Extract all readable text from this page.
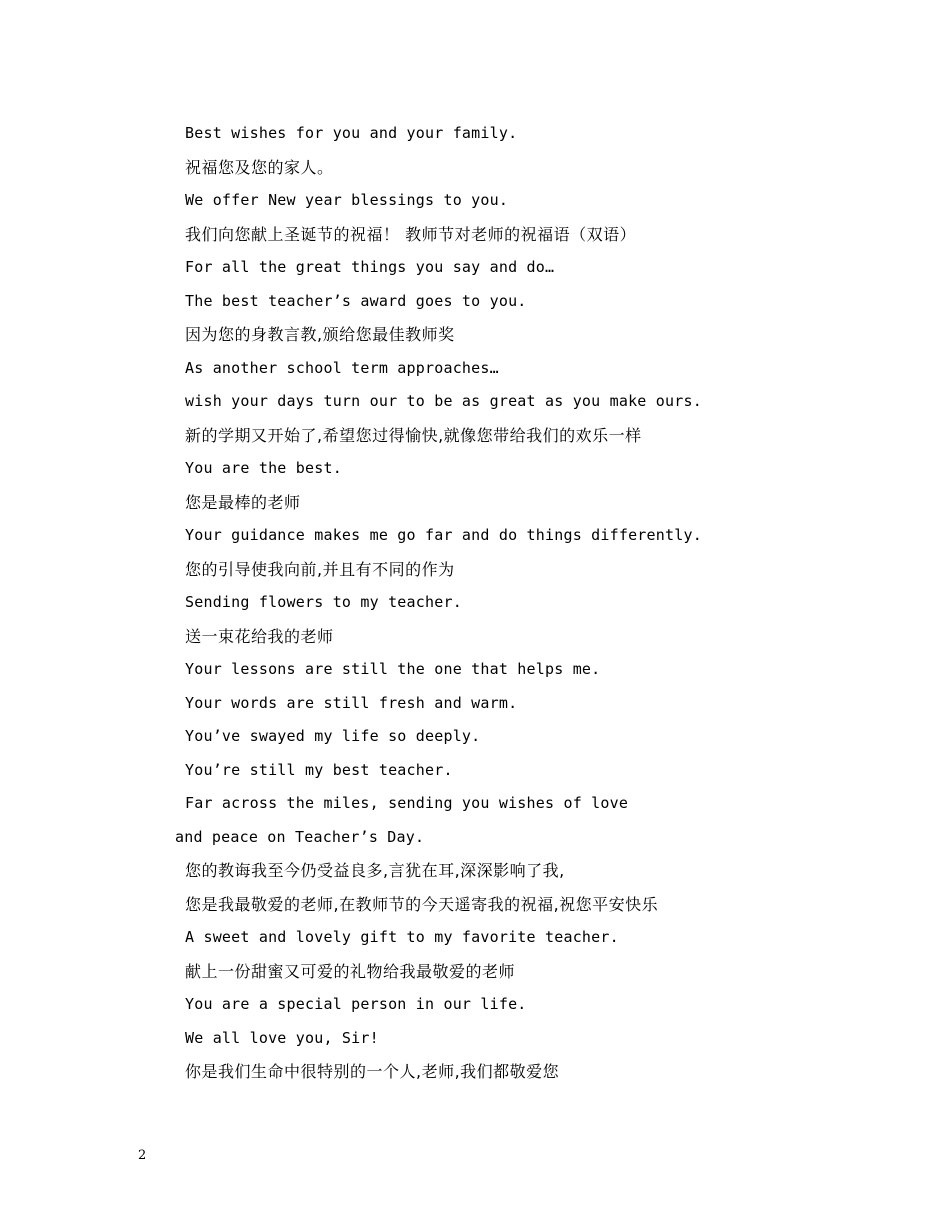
Best wishes for you and your family.
祝福您及您的家人。
We offer New year blessings to you.
我们向您献上圣诞节的祝福！ 教师节对老师的祝福语（双语）
For all the great things you say and do…
The best teacher’s award goes to you.
因为您的身教言教,颁给您最佳教师奖
As another school term approaches…
wish your days turn our to be as great as you make ours.
新的学期又开始了,希望您过得愉快,就像您带给我们的欢乐一样
You are the best.
您是最棒的老师
Your guidance makes me go far and do things differently.
您的引导使我向前,并且有不同的作为
Sending flowers to my teacher.
送一束花给我的老师
Your lessons are still the one that helps me.
Your words are still fresh and warm.
You’ve swayed my life so deeply.
You’re still my best teacher.
Far across the miles, sending you wishes of love
and peace on Teacher’s Day.
您的教诲我至今仍受益良多,言犹在耳,深深影响了我,
您是我最敬爱的老师,在教师节的今天遥寄我的祝福,祝您平安快乐
A sweet and lovely gift to my favorite teacher.
献上一份甜蜜又可爱的礼物给我最敬爱的老师
You are a special person in our life.
We all love you, Sir!
你是我们生命中很特别的一个人,老师,我们都敬爱您
2
